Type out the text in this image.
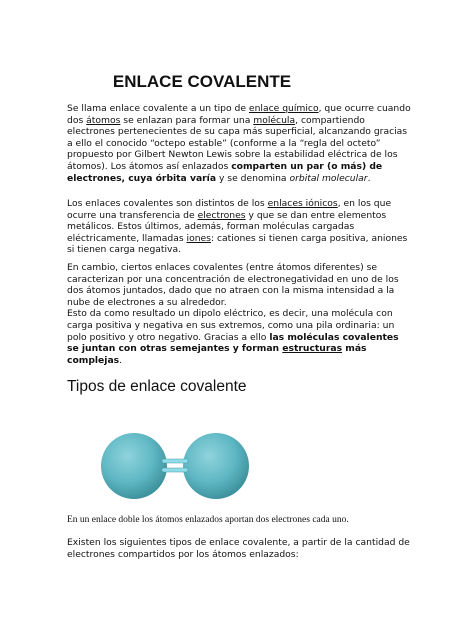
ENLACE COVALENTE

Se llama enlace covalente a un tipo de enlace químico, que ocurre cuando dos átomos se enlazan para formar una molécula, compartiendo electrones pertenecientes de su capa más superficial, alcanzando gracias a ello el conocido “octepo estable” (conforme a la “regla del octeto” propuesto por Gilbert Newton Lewis sobre la estabilidad eléctrica de los átomos). Los átomos así enlazados comparten un par (o más) de electrones, cuya órbita varía y se denomina orbital molecular.

Los enlaces covalentes son distintos de los enlaces iónicos, en los que ocurre una transferencia de electrones y que se dan entre elementos metálicos. Estos últimos, además, forman moléculas cargadas eléctricamente, llamadas iones: cationes si tienen carga positiva, aniones si tienen carga negativa.

En cambio, ciertos enlaces covalentes (entre átomos diferentes) se caracterizan por una concentración de electronegatividad en uno de los dos átomos juntados, dado que no atraen con la misma intensidad a la nube de electrones a su alrededor.

Esto da como resultado un dipolo eléctrico, es decir, una molécula con carga positiva y negativa en sus extremos, como una pila ordinaria: un polo positivo y otro negativo. Gracias a ello las moléculas covalentes se juntan con otras semejantes y forman estructuras más complejas.

Tipos de enlace covalente
En un enlace doble los átomos enlazados aportan dos electrones cada uno.

Existen los siguientes tipos de enlace covalente, a partir de la cantidad de electrones compartidos por los átomos enlazados:
